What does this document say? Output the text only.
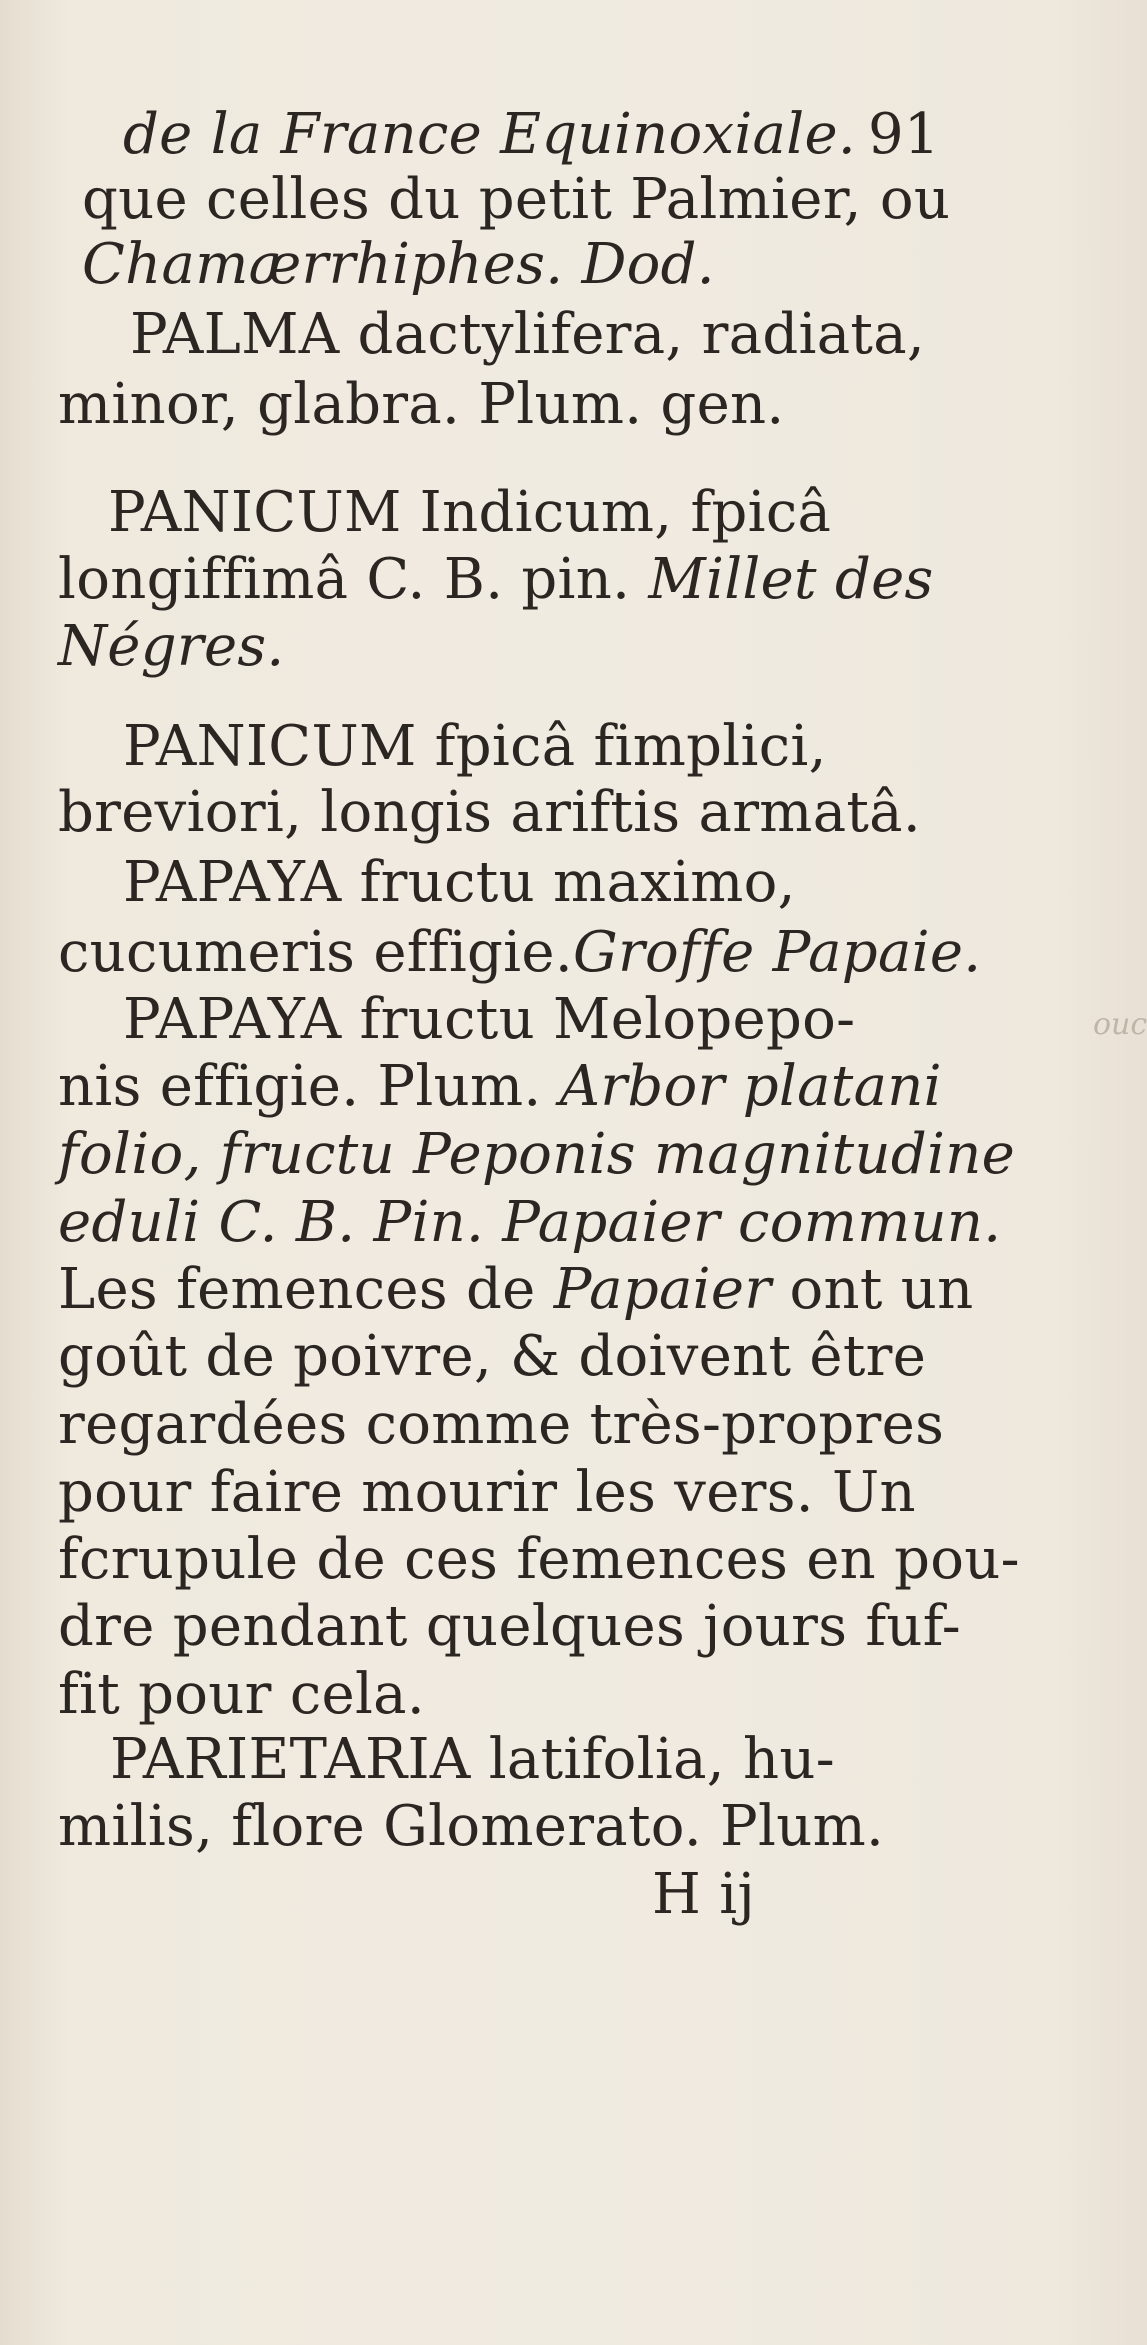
de la France Equinoxiale. 91
que celles du petit Palmier, ou
Chamærrhiphes. Dod.
PALMA dactylifera, radiata,
minor, glabra. Plum. gen.
PANICUM Indicum, fpicâ
longiffimâ C. B. pin. Millet des
Négres.
PANICUM fpicâ fimplici,
breviori, longis ariftis armatâ.
PAPAYA fructu maximo,
cucumeris effigie.Groffe Papaie.
PAPAYA fructu Melopepo-
nis effigie. Plum. Arbor platani
folio, fructu Peponis magnitudine
eduli C. B. Pin. Papaier commun.
Les femences de Papaier ont un
goût de poivre, & doivent être
regardées comme très-propres
pour faire mourir les vers. Un
fcrupule de ces femences en pou-
dre pendant quelques jours fuf-
fit pour cela.
PARIETARIA latifolia, hu-
milis, flore Glomerato. Plum.
H ij
ouc
